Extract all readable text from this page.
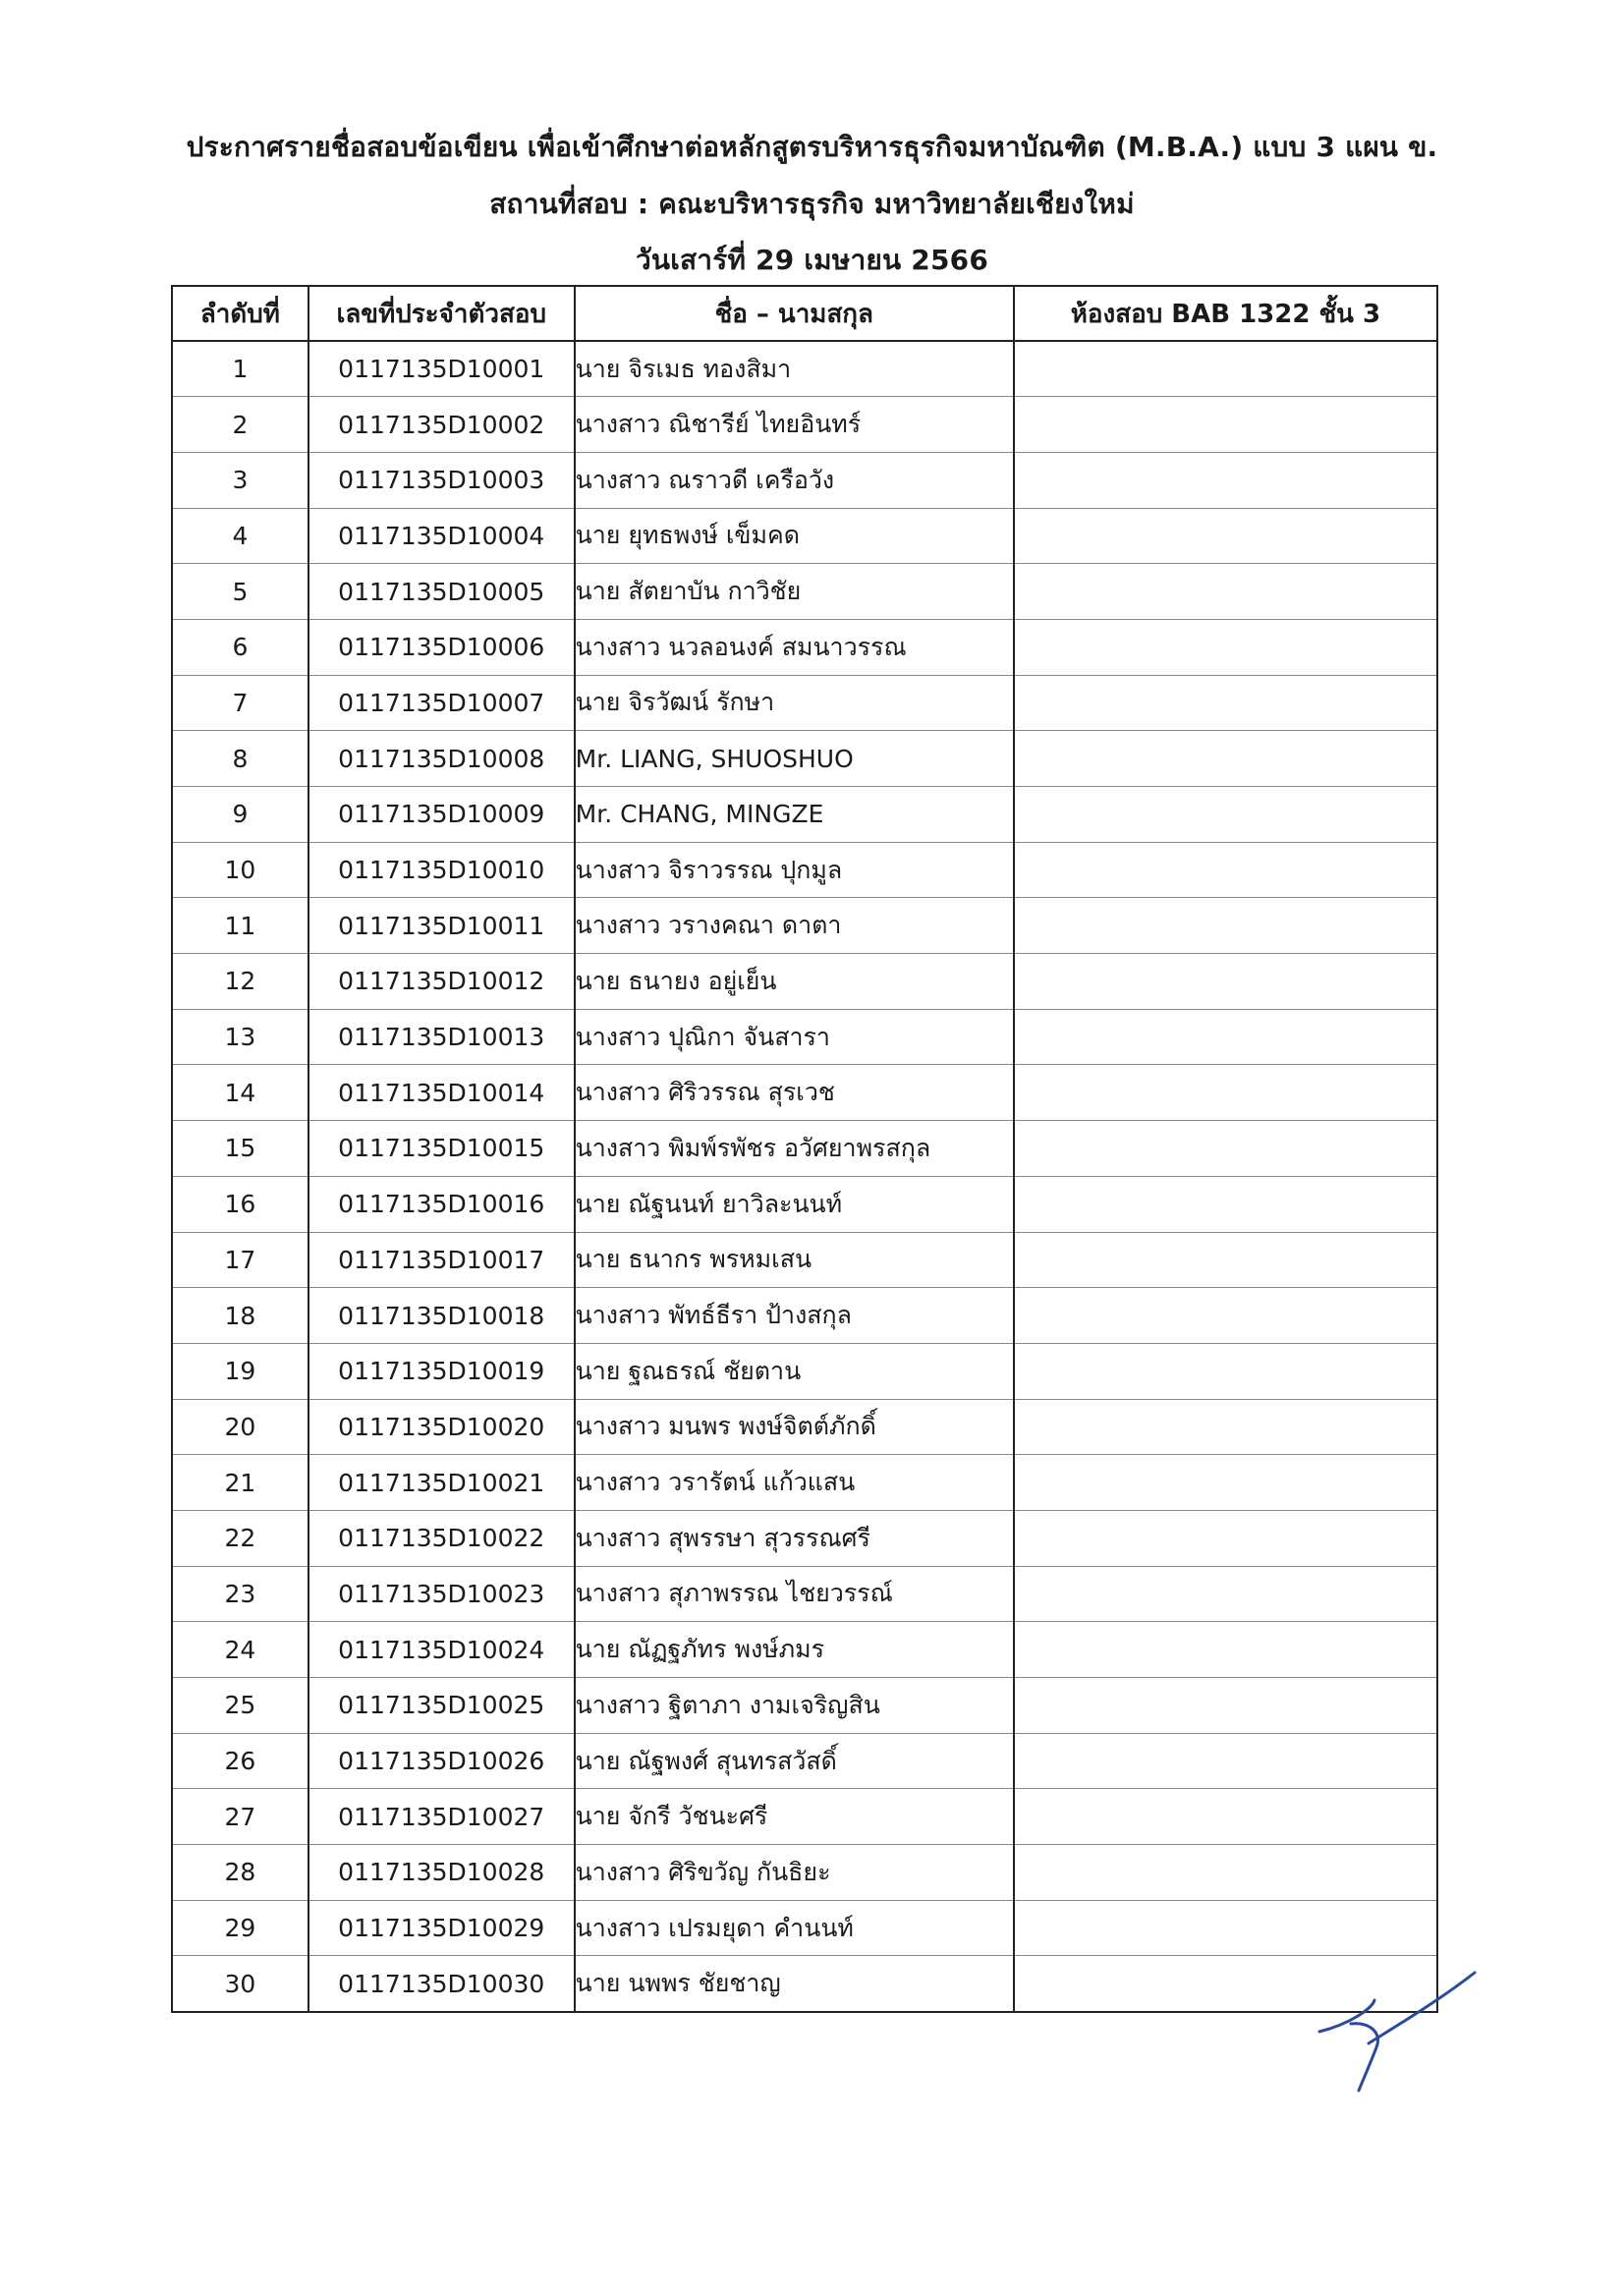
ประกาศรายชื่อสอบข้อเขียน เพื่อเข้าศึกษาต่อหลักสูตรบริหารธุรกิจมหาบัณฑิต (M.B.A.) แบบ 3 แผน ข.
สถานที่สอบ : คณะบริหารธุรกิจ มหาวิทยาลัยเชียงใหม่
วันเสาร์ที่ 29 เมษายน 2566
ลำดับที่	เลขที่ประจำตัวสอบ	ชื่อ – นามสกุล	ห้องสอบ BAB 1322 ชั้น 3
1	0117135D10001	นาย จิรเมธ ทองสิมา	
2	0117135D10002	นางสาว ณิชารีย์ ไทยอินทร์	
3	0117135D10003	นางสาว ณราวดี เครือวัง	
4	0117135D10004	นาย ยุทธพงษ์ เข็มคด	
5	0117135D10005	นาย สัตยาบัน กาวิชัย	
6	0117135D10006	นางสาว นวลอนงค์ สมนาวรรณ	
7	0117135D10007	นาย จิรวัฒน์ รักษา	
8	0117135D10008	Mr. LIANG, SHUOSHUO	
9	0117135D10009	Mr. CHANG, MINGZE	
10	0117135D10010	นางสาว จิราวรรณ ปุกมูล	
11	0117135D10011	นางสาว วรางคณา ดาตา	
12	0117135D10012	นาย ธนายง อยู่เย็น	
13	0117135D10013	นางสาว ปุณิกา จันสารา	
14	0117135D10014	นางสาว ศิริวรรณ สุรเวช	
15	0117135D10015	นางสาว พิมพ์รพัชร อวัศยาพรสกุล	
16	0117135D10016	นาย ณัฐนนท์ ยาวิละนนท์	
17	0117135D10017	นาย ธนากร พรหมเสน	
18	0117135D10018	นางสาว พัทธ์ธีรา ป้างสกุล	
19	0117135D10019	นาย ฐณธรณ์ ชัยตาน	
20	0117135D10020	นางสาว มนพร พงษ์จิตต์ภักดิ์	
21	0117135D10021	นางสาว วรารัตน์ แก้วแสน	
22	0117135D10022	นางสาว สุพรรษา สุวรรณศรี	
23	0117135D10023	นางสาว สุภาพรรณ ไชยวรรณ์	
24	0117135D10024	นาย ณัฏฐภัทร พงษ์ภมร	
25	0117135D10025	นางสาว ฐิตาภา งามเจริญสิน	
26	0117135D10026	นาย ณัฐพงศ์ สุนทรสวัสดิ์	
27	0117135D10027	นาย จักรี วัชนะศรี	
28	0117135D10028	นางสาว ศิริขวัญ กันธิยะ	
29	0117135D10029	นางสาว เปรมยุดา คำนนท์	
30	0117135D10030	นาย นพพร ชัยชาญ	
